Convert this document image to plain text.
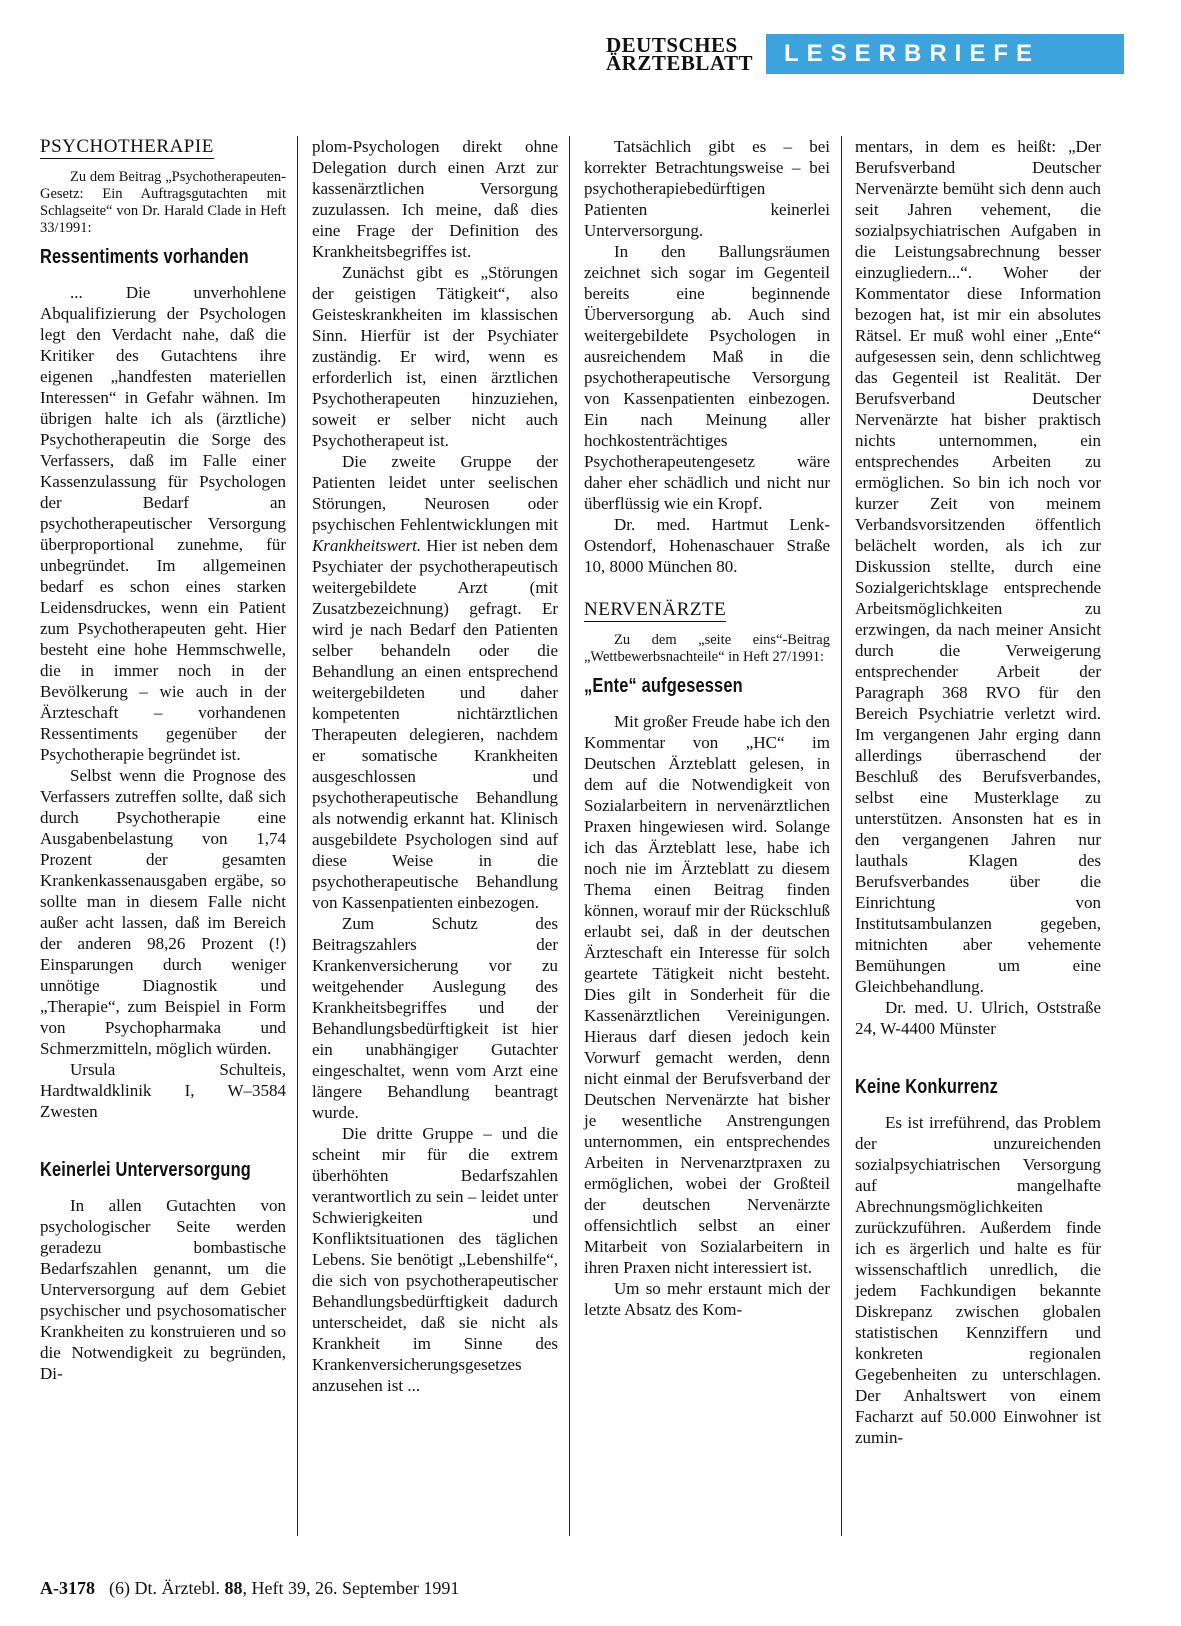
DEUTSCHES
ÄRZTEBLATT	LESERBRIEFE
PSYCHOTHERAPIE

Zu dem Beitrag „Psychotherapeuten-Gesetz: Ein Auftragsgutachten mit Schlagseite“ von Dr. Harald Clade in Heft 33/1991:

Ressentiments vorhanden

... Die unverhohlene Abqualifizierung der Psychologen legt den Verdacht nahe, daß die Kritiker des Gutachtens ihre eigenen „handfesten materiellen Interessen“ in Gefahr wähnen. Im übrigen halte ich als (ärztliche) Psychotherapeutin die Sorge des Verfassers, daß im Falle einer Kassenzulassung für Psychologen der Bedarf an psychotherapeutischer Versorgung überproportional zunehme, für unbegründet. Im allgemeinen bedarf es schon eines starken Leidensdruckes, wenn ein Patient zum Psychotherapeuten geht. Hier besteht eine hohe Hemmschwelle, die in immer noch in der Bevölkerung – wie auch in der Ärzteschaft – vorhandenen Ressentiments gegenüber der Psychotherapie begründet ist.

Selbst wenn die Prognose des Verfassers zutreffen sollte, daß sich durch Psychotherapie eine Ausgabenbelastung von 1,74 Prozent der gesamten Krankenkassenausgaben ergäbe, so sollte man in diesem Falle nicht außer acht lassen, daß im Bereich der anderen 98,26 Prozent (!) Einsparungen durch weniger unnötige Diagnostik und „Therapie“, zum Beispiel in Form von Psychopharmaka und Schmerzmitteln, möglich würden.

Ursula Schulteis, Hardtwaldklinik I, W–3584 Zwesten

Keinerlei Unterversorgung

In allen Gutachten von psychologischer Seite werden geradezu bombastische Bedarfszahlen genannt, um die Unterversorgung auf dem Gebiet psychischer und psychosomatischer Krankheiten zu konstruieren und so die Notwendigkeit zu begründen, Di-

plom-Psychologen direkt ohne Delegation durch einen Arzt zur kassenärztlichen Versorgung zuzulassen. Ich meine, daß dies eine Frage der Definition des Krankheitsbegriffes ist.

Zunächst gibt es „Störungen der geistigen Tätigkeit“, also Geisteskrankheiten im klassischen Sinn. Hierfür ist der Psychiater zuständig. Er wird, wenn es erforderlich ist, einen ärztlichen Psychotherapeuten hinzuziehen, soweit er selber nicht auch Psychotherapeut ist.

Die zweite Gruppe der Patienten leidet unter seelischen Störungen, Neurosen oder psychischen Fehlentwicklungen mit Krankheitswert. Hier ist neben dem Psychiater der psychotherapeutisch weitergebildete Arzt (mit Zusatzbezeichnung) gefragt. Er wird je nach Bedarf den Patienten selber behandeln oder die Behandlung an einen entsprechend weitergebildeten und daher kompetenten nichtärztlichen Therapeuten delegieren, nachdem er somatische Krankheiten ausgeschlossen und psychotherapeutische Behandlung als notwendig erkannt hat. Klinisch ausgebildete Psychologen sind auf diese Weise in die psychotherapeutische Behandlung von Kassenpatienten einbezogen.

Zum Schutz des Beitragszahlers der Krankenversicherung vor zu weitgehender Auslegung des Krankheitsbegriffes und der Behandlungsbedürftigkeit ist hier ein unabhängiger Gutachter eingeschaltet, wenn vom Arzt eine längere Behandlung beantragt wurde.

Die dritte Gruppe – und die scheint mir für die extrem überhöhten Bedarfszahlen verantwortlich zu sein – leidet unter Schwierigkeiten und Konfliktsituationen des täglichen Lebens. Sie benötigt „Lebenshilfe“, die sich von psychotherapeutischer Behandlungsbedürftigkeit dadurch unterscheidet, daß sie nicht als Krankheit im Sinne des Krankenversicherungsgesetzes anzusehen ist ...

Tatsächlich gibt es – bei korrekter Betrachtungsweise – bei psychotherapiebedürftigen Patienten keinerlei Unterversorgung.

In den Ballungsräumen zeichnet sich sogar im Gegenteil bereits eine beginnende Überversorgung ab. Auch sind weitergebildete Psychologen in ausreichendem Maß in die psychotherapeutische Versorgung von Kassenpatienten einbezogen. Ein nach Meinung aller hochkostenträchtiges Psychotherapeutengesetz wäre daher eher schädlich und nicht nur überflüssig wie ein Kropf.

Dr. med. Hartmut Lenk-Ostendorf, Hohenaschauer Straße 10, 8000 München 80.

NERVENÄRZTE

Zu dem „seite eins“-Beitrag „Wettbewerbsnachteile“ in Heft 27/1991:

„Ente“ aufgesessen

Mit großer Freude habe ich den Kommentar von „HC“ im Deutschen Ärzteblatt gelesen, in dem auf die Notwendigkeit von Sozialarbeitern in nervenärztlichen Praxen hingewiesen wird. Solange ich das Ärzteblatt lese, habe ich noch nie im Ärzteblatt zu diesem Thema einen Beitrag finden können, worauf mir der Rückschluß erlaubt sei, daß in der deutschen Ärzteschaft ein Interesse für solch geartete Tätigkeit nicht besteht. Dies gilt in Sonderheit für die Kassenärztlichen Vereinigungen. Hieraus darf diesen jedoch kein Vorwurf gemacht werden, denn nicht einmal der Berufsverband der Deutschen Nervenärzte hat bisher je wesentliche Anstrengungen unternommen, ein entsprechendes Arbeiten in Nervenarztpraxen zu ermöglichen, wobei der Großteil der deutschen Nervenärzte offensichtlich selbst an einer Mitarbeit von Sozialarbeitern in ihren Praxen nicht interessiert ist.

Um so mehr erstaunt mich der letzte Absatz des Kom-

mentars, in dem es heißt: „Der Berufsverband Deutscher Nervenärzte bemüht sich denn auch seit Jahren vehement, die sozialpsychiatrischen Aufgaben in die Leistungsabrechnung besser einzugliedern...“. Woher der Kommentator diese Information bezogen hat, ist mir ein absolutes Rätsel. Er muß wohl einer „Ente“ aufgesessen sein, denn schlichtweg das Gegenteil ist Realität. Der Berufsverband Deutscher Nervenärzte hat bisher praktisch nichts unternommen, ein entsprechendes Arbeiten zu ermöglichen. So bin ich noch vor kurzer Zeit von meinem Verbandsvorsitzenden öffentlich belächelt worden, als ich zur Diskussion stellte, durch eine Sozialgerichtsklage entsprechende Arbeitsmöglichkeiten zu erzwingen, da nach meiner Ansicht durch die Verweigerung entsprechender Arbeit der Paragraph 368 RVO für den Bereich Psychiatrie verletzt wird. Im vergangenen Jahr erging dann allerdings überraschend der Beschluß des Berufsverbandes, selbst eine Musterklage zu unterstützen. Ansonsten hat es in den vergangenen Jahren nur lauthals Klagen des Berufsverbandes über die Einrichtung von Institutsambulanzen gegeben, mitnichten aber vehemente Bemühungen um eine Gleichbehandlung.

Dr. med. U. Ulrich, Oststraße 24, W-4400 Münster

Keine Konkurrenz

Es ist irreführend, das Problem der unzureichenden sozialpsychiatrischen Versorgung auf mangelhafte Abrechnungsmöglichkeiten zurückzuführen. Außerdem finde ich es ärgerlich und halte es für wissenschaftlich unredlich, die jedem Fachkundigen bekannte Diskrepanz zwischen globalen statistischen Kennziffern und konkreten regionalen Gegebenheiten zu unterschlagen. Der Anhaltswert von einem Facharzt auf 50.000 Einwohner ist zumin-

A-3178 (6) Dt. Ärztebl. 88, Heft 39, 26. September 1991
